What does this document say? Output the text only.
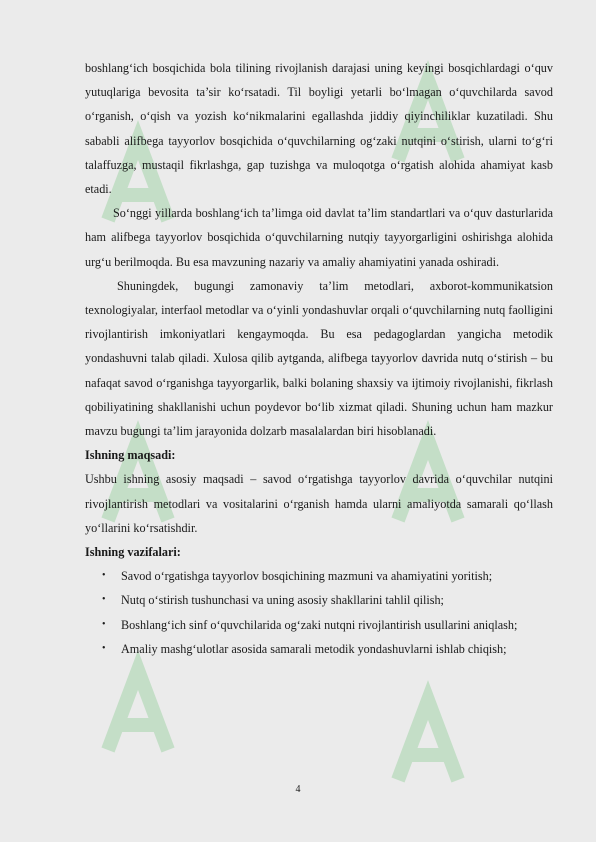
boshlang‘ich bosqichida bola tilining rivojlanish darajasi uning keyingi bosqichlardagi o‘quv yutuqlariga bevosita ta’sir ko‘rsatadi. Til boyligi yetarli bo‘lmagan o‘quvchilarda savod o‘rganish, o‘qish va yozish ko‘nikmalarini egallashda jiddiy qiyinchiliklar kuzatiladi. Shu sababli alifbega tayyorlov bosqichida o‘quvchilarning og‘zaki nutqini o‘stirish, ularni to‘g‘ri talaffuzga, mustaqil fikrlashga, gap tuzishga va muloqotga o‘rgatish alohida ahamiyat kasb etadi.

So‘nggi yillarda boshlang‘ich ta’limga oid davlat ta’lim standartlari va o‘quv dasturlarida ham alifbega tayyorlov bosqichida o‘quvchilarning nutqiy tayyorgarligini oshirishga alohida urg‘u berilmoqda. Bu esa mavzuning nazariy va amaliy ahamiyatini yanada oshiradi.

Shuningdek, bugungi zamonaviy ta’lim metodlari, axborot-kommunikatsion texnologiyalar, interfaol metodlar va o‘yinli yondashuvlar orqali o‘quvchilarning nutq faolligini rivojlantirish imkoniyatlari kengaymoqda. Bu esa pedagoglardan yangicha metodik yondashuvni talab qiladi. Xulosa qilib aytganda, alifbega tayyorlov davrida nutq o‘stirish – bu nafaqat savod o‘rganishga tayyorgarlik, balki bolaning shaxsiy va ijtimoiy rivojlanishi, fikrlash qobiliyatining shakllanishi uchun poydevor bo‘lib xizmat qiladi. Shuning uchun ham mazkur mavzu bugungi ta’lim jarayonida dolzarb masalalardan biri hisoblanadi.

Ishning maqsadi:

Ushbu ishning asosiy maqsadi – savod o‘rgatishga tayyorlov davrida o‘quvchilar nutqini rivojlantirish metodlari va vositalarini o‘rganish hamda ularni amaliyotda samarali qo‘llash yo‘llarini ko‘rsatishdir.

Ishning vazifalari:

• Savod o‘rgatishga tayyorlov bosqichining mazmuni va ahamiyatini yoritish;
• Nutq o‘stirish tushunchasi va uning asosiy shakllarini tahlil qilish;
• Boshlang‘ich sinf o‘quvchilarida og‘zaki nutqni rivojlantirish usullarini aniqlash;
• Amaliy mashg‘ulotlar asosida samarali metodik yondashuvlarni ishlab chiqish;
4
